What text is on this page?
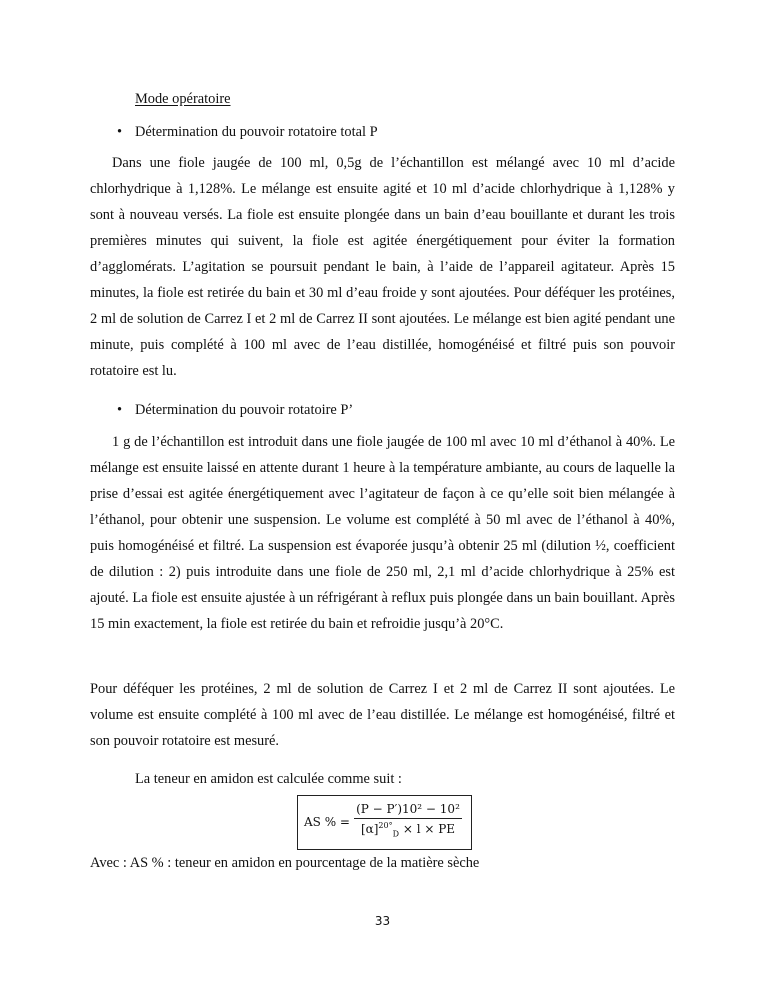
Mode opératoire
• Détermination du pouvoir rotatoire total P
Dans une fiole jaugée de 100 ml, 0,5g de l’échantillon est mélangé avec 10 ml d’acide chlorhydrique à 1,128%. Le mélange est ensuite agité et 10 ml d’acide chlorhydrique à 1,128% y sont à nouveau versés. La fiole est ensuite plongée dans un bain d’eau bouillante et durant les trois premières minutes qui suivent, la fiole est agitée énergétiquement pour éviter la formation d’agglomérats. L’agitation se poursuit pendant le bain, à l’aide de l’appareil agitateur. Après 15 minutes, la fiole est retirée du bain et 30 ml d’eau froide y sont ajoutées. Pour déféquer les protéines, 2 ml de solution de Carrez I et 2 ml de Carrez II sont ajoutées. Le mélange est bien agité pendant une minute, puis complété à 100 ml avec de l’eau distillée, homogénéisé et filtré puis son pouvoir rotatoire est lu.
• Détermination du pouvoir rotatoire P’
1 g de l’échantillon est introduit dans une fiole jaugée de 100 ml avec 10 ml d’éthanol à 40%. Le mélange est ensuite laissé en attente durant 1 heure à la température ambiante, au cours de laquelle la prise d’essai est agitée énergétiquement avec l’agitateur de façon à ce qu’elle soit bien mélangée à l’éthanol, pour obtenir une suspension. Le volume est complété à 50 ml avec de l’éthanol à 40%, puis homogénéisé et filtré. La suspension est évaporée jusqu’à obtenir 25 ml (dilution ½, coefficient de dilution : 2) puis introduite dans une fiole de 250 ml, 2,1 ml d’acide chlorhydrique à 25% est ajouté. La fiole est ensuite ajustée à un réfrigérant à reflux puis plongée dans un bain bouillant. Après 15 min exactement, la fiole est retirée du bain et refroidie jusqu’à 20°C.
Pour déféquer les protéines, 2 ml de solution de Carrez I et 2 ml de Carrez II sont ajoutées. Le volume est ensuite complété à 100 ml avec de l’eau distillée. Le mélange est homogénéisé, filtré et son pouvoir rotatoire est mesuré.
La teneur en amidon est calculée comme suit :
AS % = $\frac{\text{(P − P′)10² − 10²}}{[\alpha]^{20^\circ}_D \times l \times PE}$
Avec : AS % : teneur en amidon en pourcentage de la matière sèche
33
